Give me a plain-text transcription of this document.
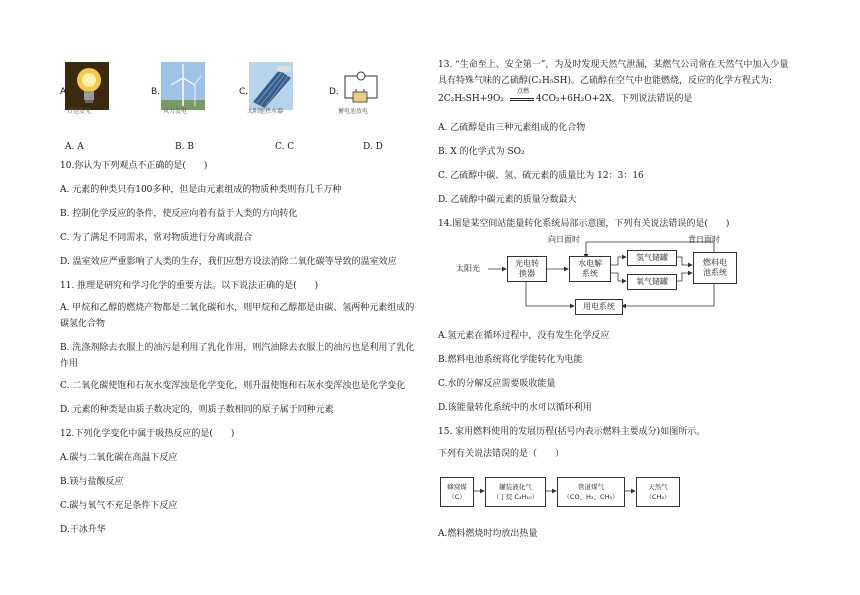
A．
灯泡发光
B．
风力发电
C．
太阳能热水器
D．
蓄电池放电
A. A	B. B	C. C	D. D
10.你认为下列观点不正确的是(　　)
A. 元素的种类只有100多种，但是由元素组成的物质种类则有几千万种
B. 控制化学反应的条件，使反应向着有益于人类的方向转化
C. 为了满足不同需求，常对物质进行分离或混合
D. 温室效应严重影响了人类的生存，我们应想方设法消除二氧化碳等导致的温室效应
11. 推理是研究和学习化学的重要方法。以下说法正确的是(　　)
A. 甲烷和乙醇的燃烧产物都是二氧化碳和水，则甲烷和乙醇都是由碳、氢两种元素组成的
碳氢化合物
B. 洗涤剂除去衣服上的油污是利用了乳化作用，则汽油除去衣服上的油污也是利用了乳化
作用
C. 二氧化碳使饱和石灰水变浑浊是化学变化，则升温使饱和石灰水变浑浊也是化学变化
D. 元素的种类是由质子数决定的，则质子数相同的原子属于同种元素
12.下列化学变化中属于吸热反应的是(　　)
A.碳与二氧化碳在高温下反应
B.镁与盐酸反应
C.碳与氧气不充足条件下反应
D.干冰升华
13. “生命至上、安全第一”，为及时发现天然气泄漏，某燃气公司常在天然气中加入少量
具有特殊气味的乙硫醇(C₂H₅SH)。乙硫醇在空气中也能燃烧，反应的化学方程式为:
2C₂H₅SH+9O₂
点燃
4CO₂+6H₂O+2X。下列说法错误的是
A. 乙硫醇是由三种元素组成的化合物
B. X 的化学式为 SO₂
C. 乙硫醇中碳、氢、硫元素的质量比为 12：3：16
D. 乙硫醇中碳元素的质量分数最大
14.图是某空间站能量转化系统局部示意图，下列有关说法错误的是(　　)
太阳光
向日面时	背日面时
光电转
换器
水电解
系统
氢气储罐
氧气储罐
燃料电
池系统
用电系统
A.氢元素在循环过程中，没有发生化学反应
B.燃料电池系统将化学能转化为电能
C.水的分解反应需要吸收能量
D.该能量转化系统中的水可以循环利用
15. 家用燃料使用的发展历程(括号内表示燃料主要成分)如图所示。
下列有关说法错误的是（　　）
蜂窝煤
（C）
罐装液化气
（丁烷 C₄H₁₀）
管道煤气
（CO、H₂、CH₄）
天然气
（CH₄）
A.燃料燃烧时均放出热量
